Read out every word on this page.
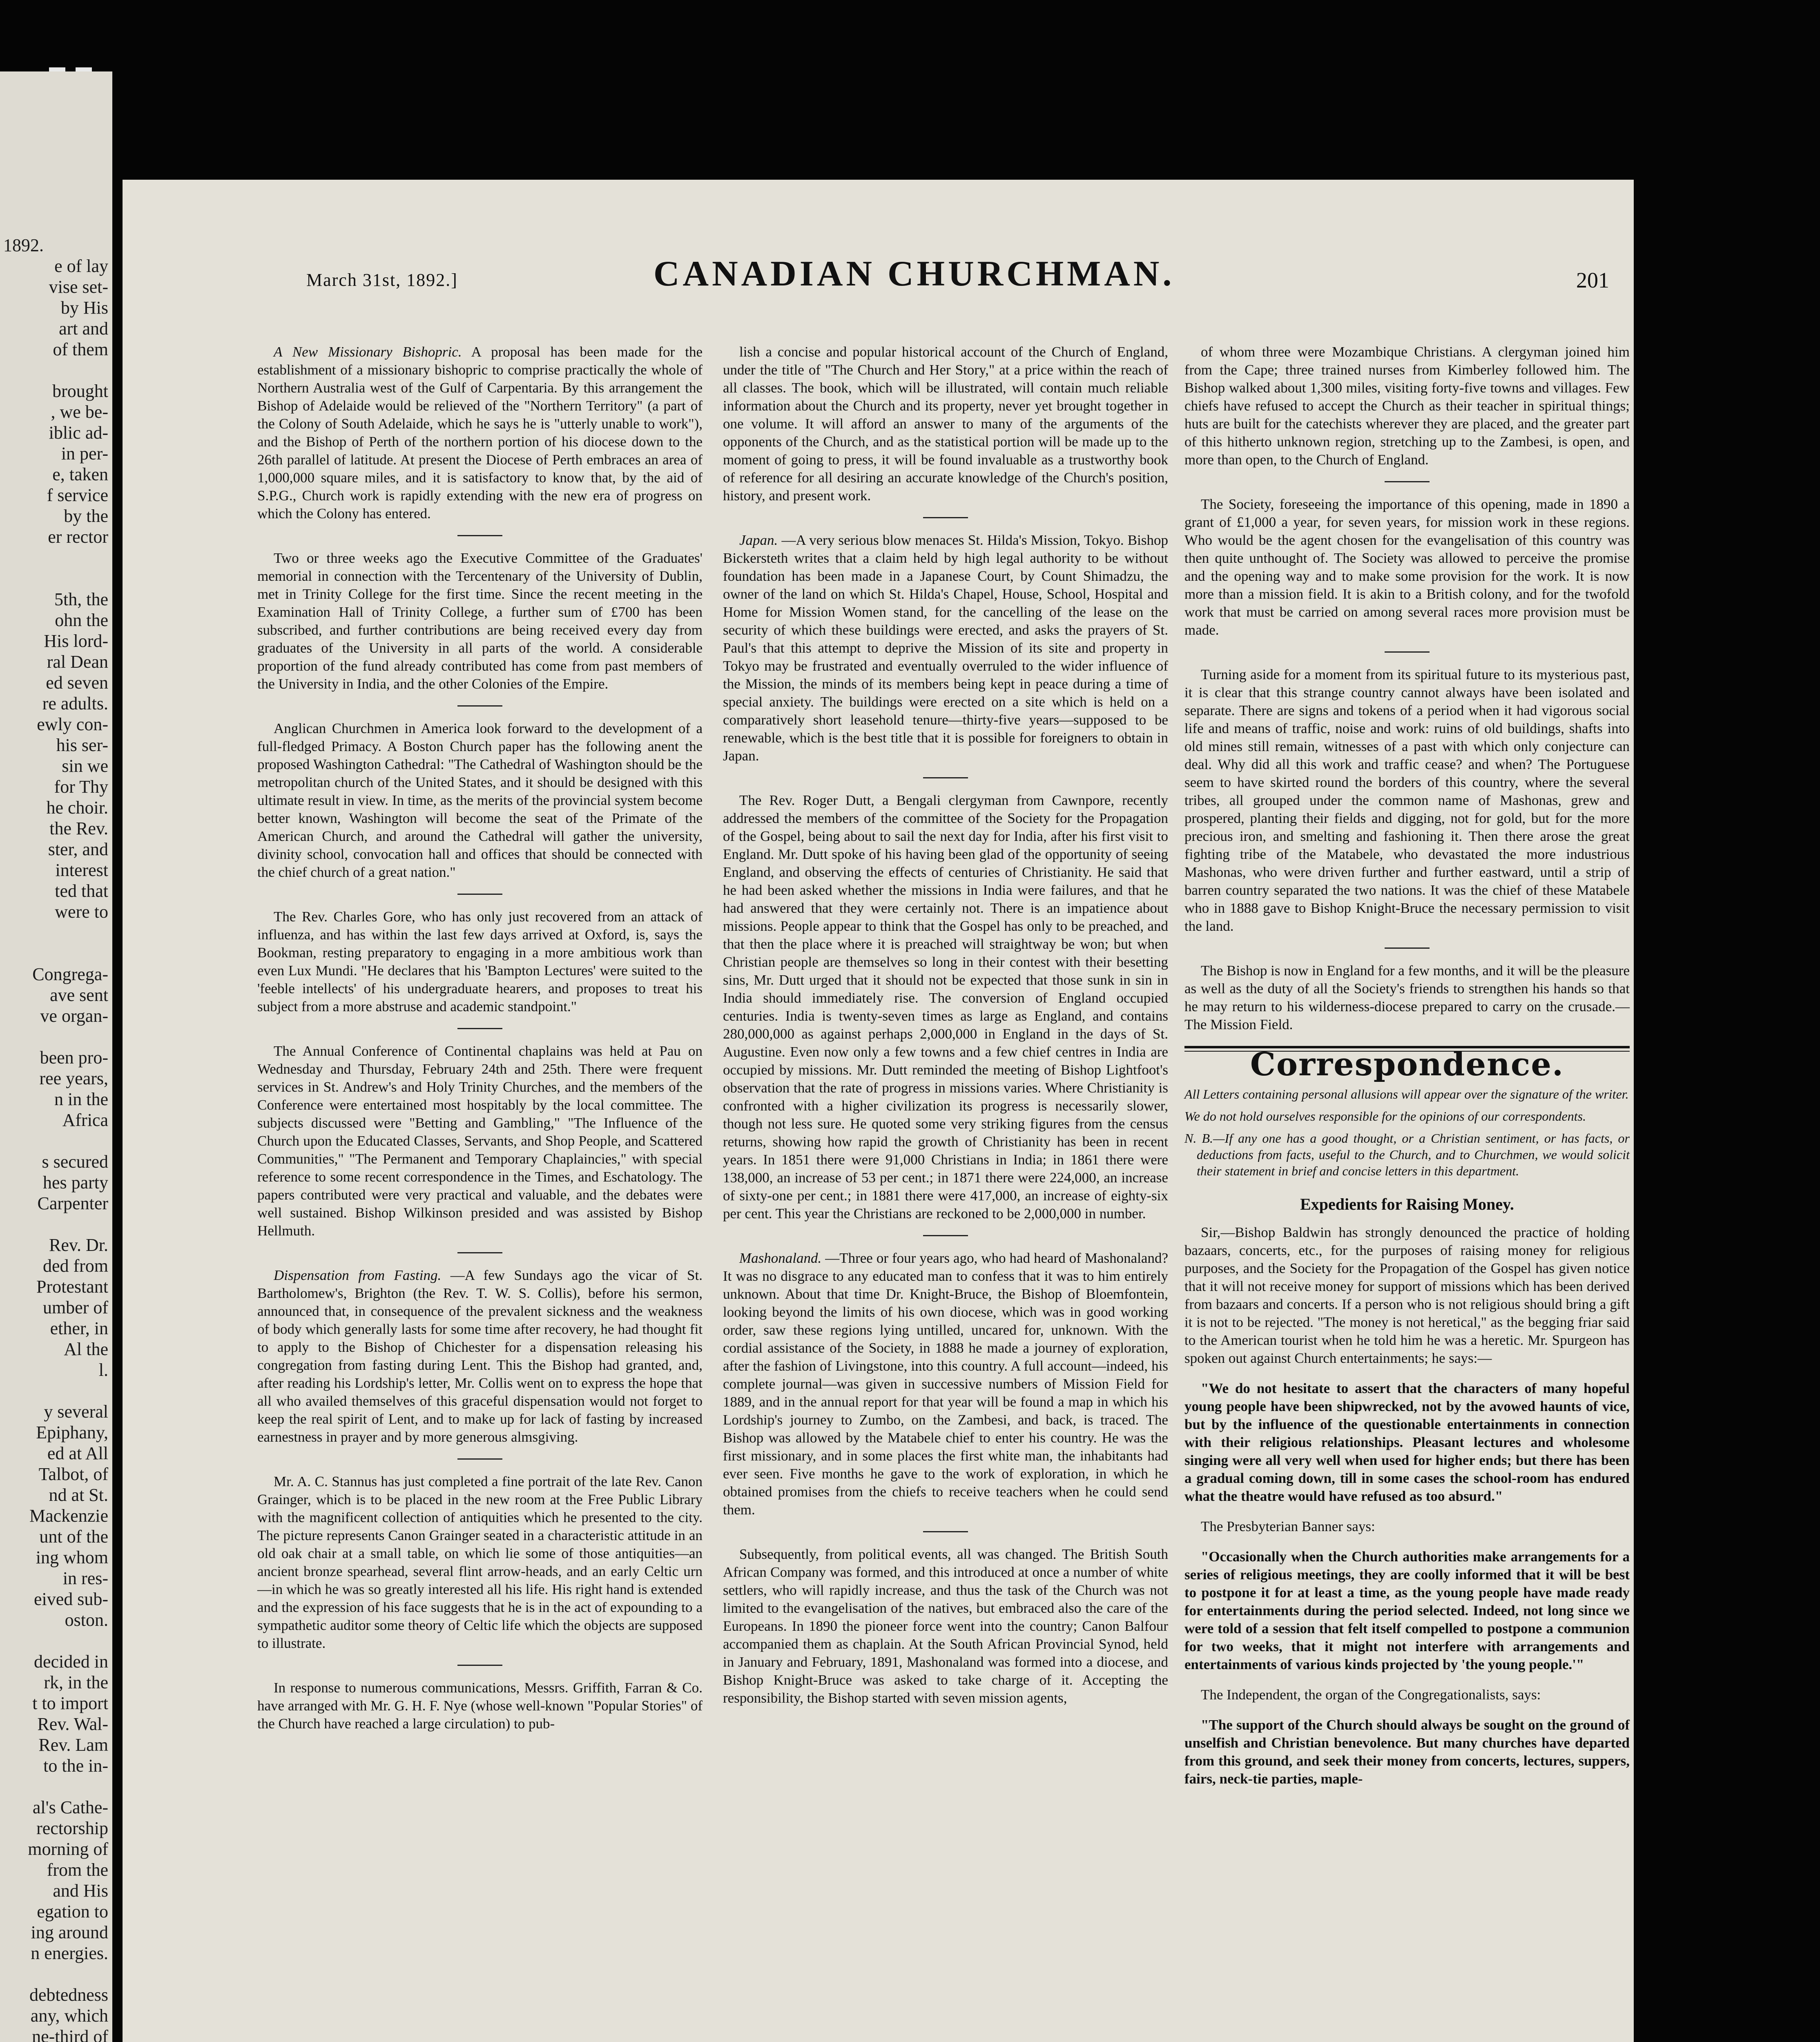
1892.
e of lay
vise set-
by His
art and
of them

brought
, we be-
iblic ad-
in per-
e, taken
f service
by the
er rector

5th, the
ohn the
His lord-
ral Dean
ed seven
re adults.
ewly con-
his ser-
sin we
for Thy
he choir.
the Rev.
ster, and
interest
ted that
were to

Congrega-
ave sent
ve organ-

been pro-
ree years,
n in the
Africa

s secured
hes party
Carpenter

Rev. Dr.
ded from
Protestant
umber of
ether, in
Al the
l.

y several
Epiphany,
ed at All
Talbot, of
nd at St.
Mackenzie
unt of the
ing whom
in res-
eived sub-
oston.

decided in
rk, in the
t to import
Rev. Wal-
Rev. Lam
to the in-

al's Cathe-
rectorship
morning of
from the
and His
egation to
ing around
n energies.

debtedness
any, which
ne-third of
March 31st, 1892.]	CANADIAN CHURCHMAN.	201

A New Missionary Bishopric. A proposal has been made for the establishment of a missionary bishopric to comprise practically the whole of Northern Australia west of the Gulf of Carpentaria. By this arrangement the Bishop of Adelaide would be relieved of the "Northern Territory" (a part of the Colony of South Adelaide, which he says he is "utterly unable to work"), and the Bishop of Perth of the northern portion of his diocese down to the 26th parallel of latitude. At present the Diocese of Perth embraces an area of 1,000,000 square miles, and it is satisfactory to know that, by the aid of S.P.G., Church work is rapidly extending with the new era of progress on which the Colony has entered.

Two or three weeks ago the Executive Committee of the Graduates' memorial in connection with the Tercentenary of the University of Dublin, met in Trinity College for the first time. Since the recent meeting in the Examination Hall of Trinity College, a further sum of £700 has been subscribed, and further contributions are being received every day from graduates of the University in all parts of the world. A considerable proportion of the fund already contributed has come from past members of the University in India, and the other Colonies of the Empire.

Anglican Churchmen in America look forward to the development of a full-fledged Primacy. A Boston Church paper has the following anent the proposed Washington Cathedral: "The Cathedral of Washington should be the metropolitan church of the United States, and it should be designed with this ultimate result in view. In time, as the merits of the provincial system become better known, Washington will become the seat of the Primate of the American Church, and around the Cathedral will gather the university, divinity school, convocation hall and offices that should be connected with the chief church of a great nation."

The Rev. Charles Gore, who has only just recovered from an attack of influenza, and has within the last few days arrived at Oxford, is, says the Bookman, resting preparatory to engaging in a more ambitious work than even Lux Mundi. "He declares that his 'Bampton Lectures' were suited to the 'feeble intellects' of his undergraduate hearers, and proposes to treat his subject from a more abstruse and academic standpoint."

The Annual Conference of Continental chaplains was held at Pau on Wednesday and Thursday, February 24th and 25th. There were frequent services in St. Andrew's and Holy Trinity Churches, and the members of the Conference were entertained most hospitably by the local committee. The subjects discussed were "Betting and Gambling," "The Influence of the Church upon the Educated Classes, Servants, and Shop People, and Scattered Communities," "The Permanent and Temporary Chaplaincies," with special reference to some recent correspondence in the Times, and Eschatology. The papers contributed were very practical and valuable, and the debates were well sustained. Bishop Wilkinson presided and was assisted by Bishop Hellmuth.

Dispensation from Fasting. —A few Sundays ago the vicar of St. Bartholomew's, Brighton (the Rev. T. W. S. Collis), before his sermon, announced that, in consequence of the prevalent sickness and the weakness of body which generally lasts for some time after recovery, he had thought fit to apply to the Bishop of Chichester for a dispensation releasing his congregation from fasting during Lent. This the Bishop had granted, and, after reading his Lordship's letter, Mr. Collis went on to express the hope that all who availed themselves of this graceful dispensation would not forget to keep the real spirit of Lent, and to make up for lack of fasting by increased earnestness in prayer and by more generous almsgiving.

Mr. A. C. Stannus has just completed a fine portrait of the late Rev. Canon Grainger, which is to be placed in the new room at the Free Public Library with the magnificent collection of antiquities which he presented to the city. The picture represents Canon Grainger seated in a characteristic attitude in an old oak chair at a small table, on which lie some of those antiquities—an ancient bronze spearhead, several flint arrow-heads, and an early Celtic urn—in which he was so greatly interested all his life. His right hand is extended and the expression of his face suggests that he is in the act of expounding to a sympathetic auditor some theory of Celtic life which the objects are supposed to illustrate.

In response to numerous communications, Messrs. Griffith, Farran & Co. have arranged with Mr. G. H. F. Nye (whose well-known "Popular Stories" of the Church have reached a large circulation) to pub-

lish a concise and popular historical account of the Church of England, under the title of "The Church and Her Story," at a price within the reach of all classes. The book, which will be illustrated, will contain much reliable information about the Church and its property, never yet brought together in one volume. It will afford an answer to many of the arguments of the opponents of the Church, and as the statistical portion will be made up to the moment of going to press, it will be found invaluable as a trustworthy book of reference for all desiring an accurate knowledge of the Church's position, history, and present work.

Japan. —A very serious blow menaces St. Hilda's Mission, Tokyo. Bishop Bickersteth writes that a claim held by high legal authority to be without foundation has been made in a Japanese Court, by Count Shimadzu, the owner of the land on which St. Hilda's Chapel, House, School, Hospital and Home for Mission Women stand, for the cancelling of the lease on the security of which these buildings were erected, and asks the prayers of St. Paul's that this attempt to deprive the Mission of its site and property in Tokyo may be frustrated and eventually overruled to the wider influence of the Mission, the minds of its members being kept in peace during a time of special anxiety. The buildings were erected on a site which is held on a comparatively short leasehold tenure—thirty-five years—supposed to be renewable, which is the best title that it is possible for foreigners to obtain in Japan.

The Rev. Roger Dutt, a Bengali clergyman from Cawnpore, recently addressed the members of the committee of the Society for the Propagation of the Gospel, being about to sail the next day for India, after his first visit to England. Mr. Dutt spoke of his having been glad of the opportunity of seeing England, and observing the effects of centuries of Christianity. He said that he had been asked whether the missions in India were failures, and that he had answered that they were certainly not. There is an impatience about missions. People appear to think that the Gospel has only to be preached, and that then the place where it is preached will straightway be won; but when Christian people are themselves so long in their contest with their besetting sins, Mr. Dutt urged that it should not be expected that those sunk in sin in India should immediately rise. The conversion of England occupied centuries. India is twenty-seven times as large as England, and contains 280,000,000 as against perhaps 2,000,000 in England in the days of St. Augustine. Even now only a few towns and a few chief centres in India are occupied by missions. Mr. Dutt reminded the meeting of Bishop Lightfoot's observation that the rate of progress in missions varies. Where Christianity is confronted with a higher civilization its progress is necessarily slower, though not less sure. He quoted some very striking figures from the census returns, showing how rapid the growth of Christianity has been in recent years. In 1851 there were 91,000 Christians in India; in 1861 there were 138,000, an increase of 53 per cent.; in 1871 there were 224,000, an increase of sixty-one per cent.; in 1881 there were 417,000, an increase of eighty-six per cent. This year the Christians are reckoned to be 2,000,000 in number.

Mashonaland. —Three or four years ago, who had heard of Mashonaland? It was no disgrace to any educated man to confess that it was to him entirely unknown. About that time Dr. Knight-Bruce, the Bishop of Bloemfontein, looking beyond the limits of his own diocese, which was in good working order, saw these regions lying untilled, uncared for, unknown. With the cordial assistance of the Society, in 1888 he made a journey of exploration, after the fashion of Livingstone, into this country. A full account—indeed, his complete journal—was given in successive numbers of Mission Field for 1889, and in the annual report for that year will be found a map in which his Lordship's journey to Zumbo, on the Zambesi, and back, is traced. The Bishop was allowed by the Matabele chief to enter his country. He was the first missionary, and in some places the first white man, the inhabitants had ever seen. Five months he gave to the work of exploration, in which he obtained promises from the chiefs to receive teachers when he could send them.

Subsequently, from political events, all was changed. The British South African Company was formed, and this introduced at once a number of white settlers, who will rapidly increase, and thus the task of the Church was not limited to the evangelisation of the natives, but embraced also the care of the Europeans. In 1890 the pioneer force went into the country; Canon Balfour accompanied them as chaplain. At the South African Provincial Synod, held in January and February, 1891, Mashonaland was formed into a diocese, and Bishop Knight-Bruce was asked to take charge of it. Accepting the responsibility, the Bishop started with seven mission agents,

of whom three were Mozambique Christians. A clergyman joined him from the Cape; three trained nurses from Kimberley followed him. The Bishop walked about 1,300 miles, visiting forty-five towns and villages. Few chiefs have refused to accept the Church as their teacher in spiritual things; huts are built for the catechists wherever they are placed, and the greater part of this hitherto unknown region, stretching up to the Zambesi, is open, and more than open, to the Church of England.

The Society, foreseeing the importance of this opening, made in 1890 a grant of £1,000 a year, for seven years, for mission work in these regions. Who would be the agent chosen for the evangelisation of this country was then quite unthought of. The Society was allowed to perceive the promise and the opening way and to make some provision for the work. It is now more than a mission field. It is akin to a British colony, and for the twofold work that must be carried on among several races more provision must be made.

Turning aside for a moment from its spiritual future to its mysterious past, it is clear that this strange country cannot always have been isolated and separate. There are signs and tokens of a period when it had vigorous social life and means of traffic, noise and work: ruins of old buildings, shafts into old mines still remain, witnesses of a past with which only conjecture can deal. Why did all this work and traffic cease? and when? The Portuguese seem to have skirted round the borders of this country, where the several tribes, all grouped under the common name of Mashonas, grew and prospered, planting their fields and digging, not for gold, but for the more precious iron, and smelting and fashioning it. Then there arose the great fighting tribe of the Matabele, who devastated the more industrious Mashonas, who were driven further and further eastward, until a strip of barren country separated the two nations. It was the chief of these Matabele who in 1888 gave to Bishop Knight-Bruce the necessary permission to visit the land.

The Bishop is now in England for a few months, and it will be the pleasure as well as the duty of all the Society's friends to strengthen his hands so that he may return to his wilderness-diocese prepared to carry on the crusade.—The Mission Field.

Correspondence.
All Letters containing personal allusions will appear over the signature of the writer.
We do not hold ourselves responsible for the opinions of our correspondents.
N. B.—If any one has a good thought, or a Christian sentiment, or has facts, or deductions from facts, useful to the Church, and to Churchmen, we would solicit their statement in brief and concise letters in this department.
Expedients for Raising Money.

Sir,—Bishop Baldwin has strongly denounced the practice of holding bazaars, concerts, etc., for the purposes of raising money for religious purposes, and the Society for the Propagation of the Gospel has given notice that it will not receive money for support of missions which has been derived from bazaars and concerts. If a person who is not religious should bring a gift it is not to be rejected. "The money is not heretical," as the begging friar said to the American tourist when he told him he was a heretic. Mr. Spurgeon has spoken out against Church entertainments; he says:—

"We do not hesitate to assert that the characters of many hopeful young people have been shipwrecked, not by the avowed haunts of vice, but by the influence of the questionable entertainments in connection with their religious relationships. Pleasant lectures and wholesome singing were all very well when used for higher ends; but there has been a gradual coming down, till in some cases the school-room has endured what the theatre would have refused as too absurd."

The Presbyterian Banner says:

"Occasionally when the Church authorities make arrangements for a series of religious meetings, they are coolly informed that it will be best to postpone it for at least a time, as the young people have made ready for entertainments during the period selected. Indeed, not long since we were told of a session that felt itself compelled to postpone a communion for two weeks, that it might not interfere with arrangements and entertainments of various kinds projected by 'the young people.'"

The Independent, the organ of the Congregationalists, says:

"The support of the Church should always be sought on the ground of unselfish and Christian benevolence. But many churches have departed from this ground, and seek their money from concerts, lectures, suppers, fairs, neck-tie parties, maple-
